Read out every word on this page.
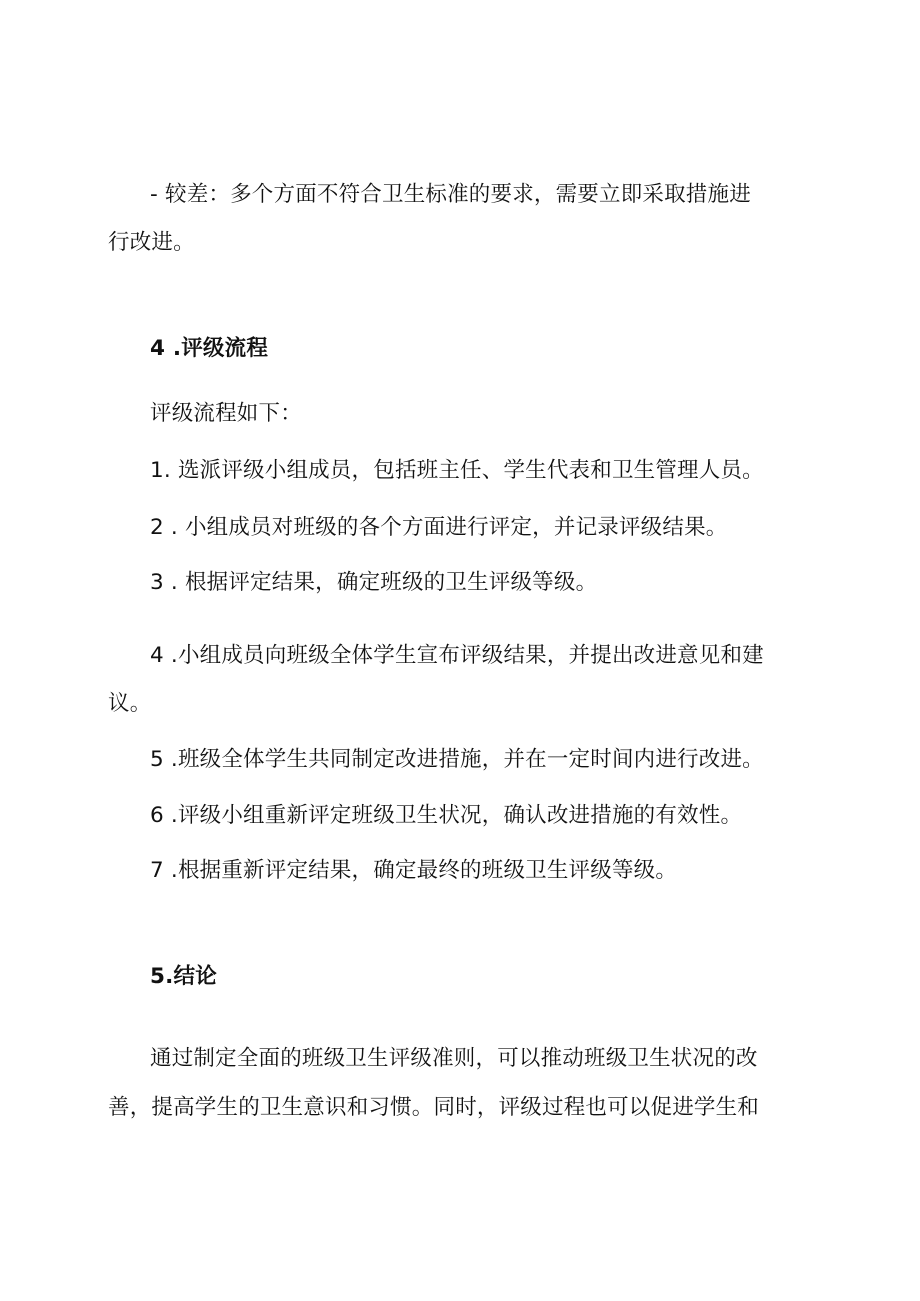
- 较差：多个方面不符合卫生标准的要求，需要立即采取措施进
行改进。
4 .评级流程
评级流程如下：
1. 选派评级小组成员，包括班主任、学生代表和卫生管理人员。
2 . 小组成员对班级的各个方面进行评定，并记录评级结果。
3 . 根据评定结果，确定班级的卫生评级等级。
4 .小组成员向班级全体学生宣布评级结果，并提出改进意见和建
议。
5 .班级全体学生共同制定改进措施，并在一定时间内进行改进。
6 .评级小组重新评定班级卫生状况，确认改进措施的有效性。
7 .根据重新评定结果，确定最终的班级卫生评级等级。
5.结论
通过制定全面的班级卫生评级准则，可以推动班级卫生状况的改
善，提高学生的卫生意识和习惯。同时，评级过程也可以促进学生和
